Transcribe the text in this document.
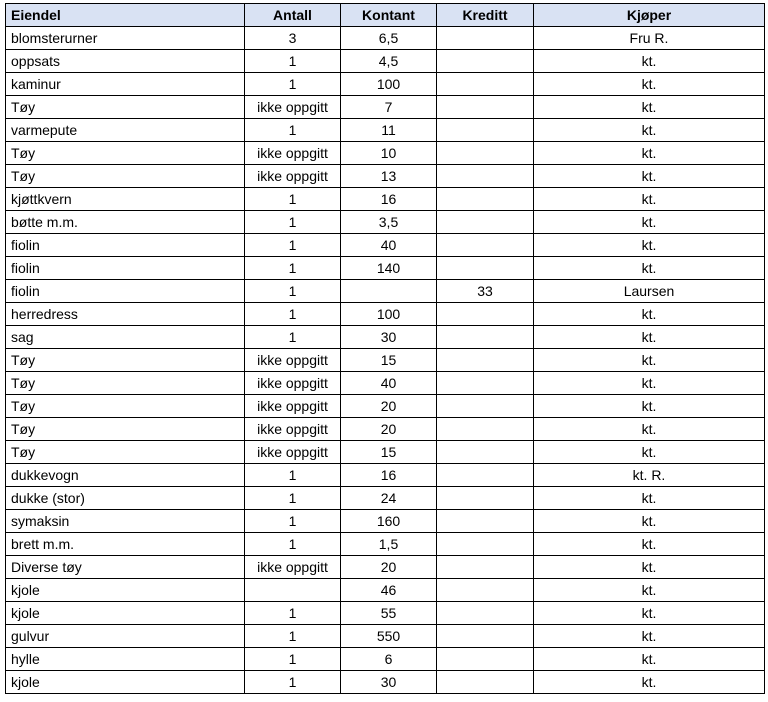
Eiendel	Antall	Kontant	Kreditt	Kjøper
blomsterurner	3	6,5		Fru R.
oppsats	1	4,5		kt.
kaminur	1	100		kt.
Tøy	ikke oppgitt	7		kt.
varmepute	1	11		kt.
Tøy	ikke oppgitt	10		kt.
Tøy	ikke oppgitt	13		kt.
kjøttkvern	1	16		kt.
bøtte m.m.	1	3,5		kt.
fiolin	1	40		kt.
fiolin	1	140		kt.
fiolin	1		33	Laursen
herredress	1	100		kt.
sag	1	30		kt.
Tøy	ikke oppgitt	15		kt.
Tøy	ikke oppgitt	40		kt.
Tøy	ikke oppgitt	20		kt.
Tøy	ikke oppgitt	20		kt.
Tøy	ikke oppgitt	15		kt.
dukkevogn	1	16		kt. R.
dukke (stor)	1	24		kt.
symaksin	1	160		kt.
brett m.m.	1	1,5		kt.
Diverse tøy	ikke oppgitt	20		kt.
kjole		46		kt.
kjole	1	55		kt.
gulvur	1	550		kt.
hylle	1	6		kt.
kjole	1	30		kt.
